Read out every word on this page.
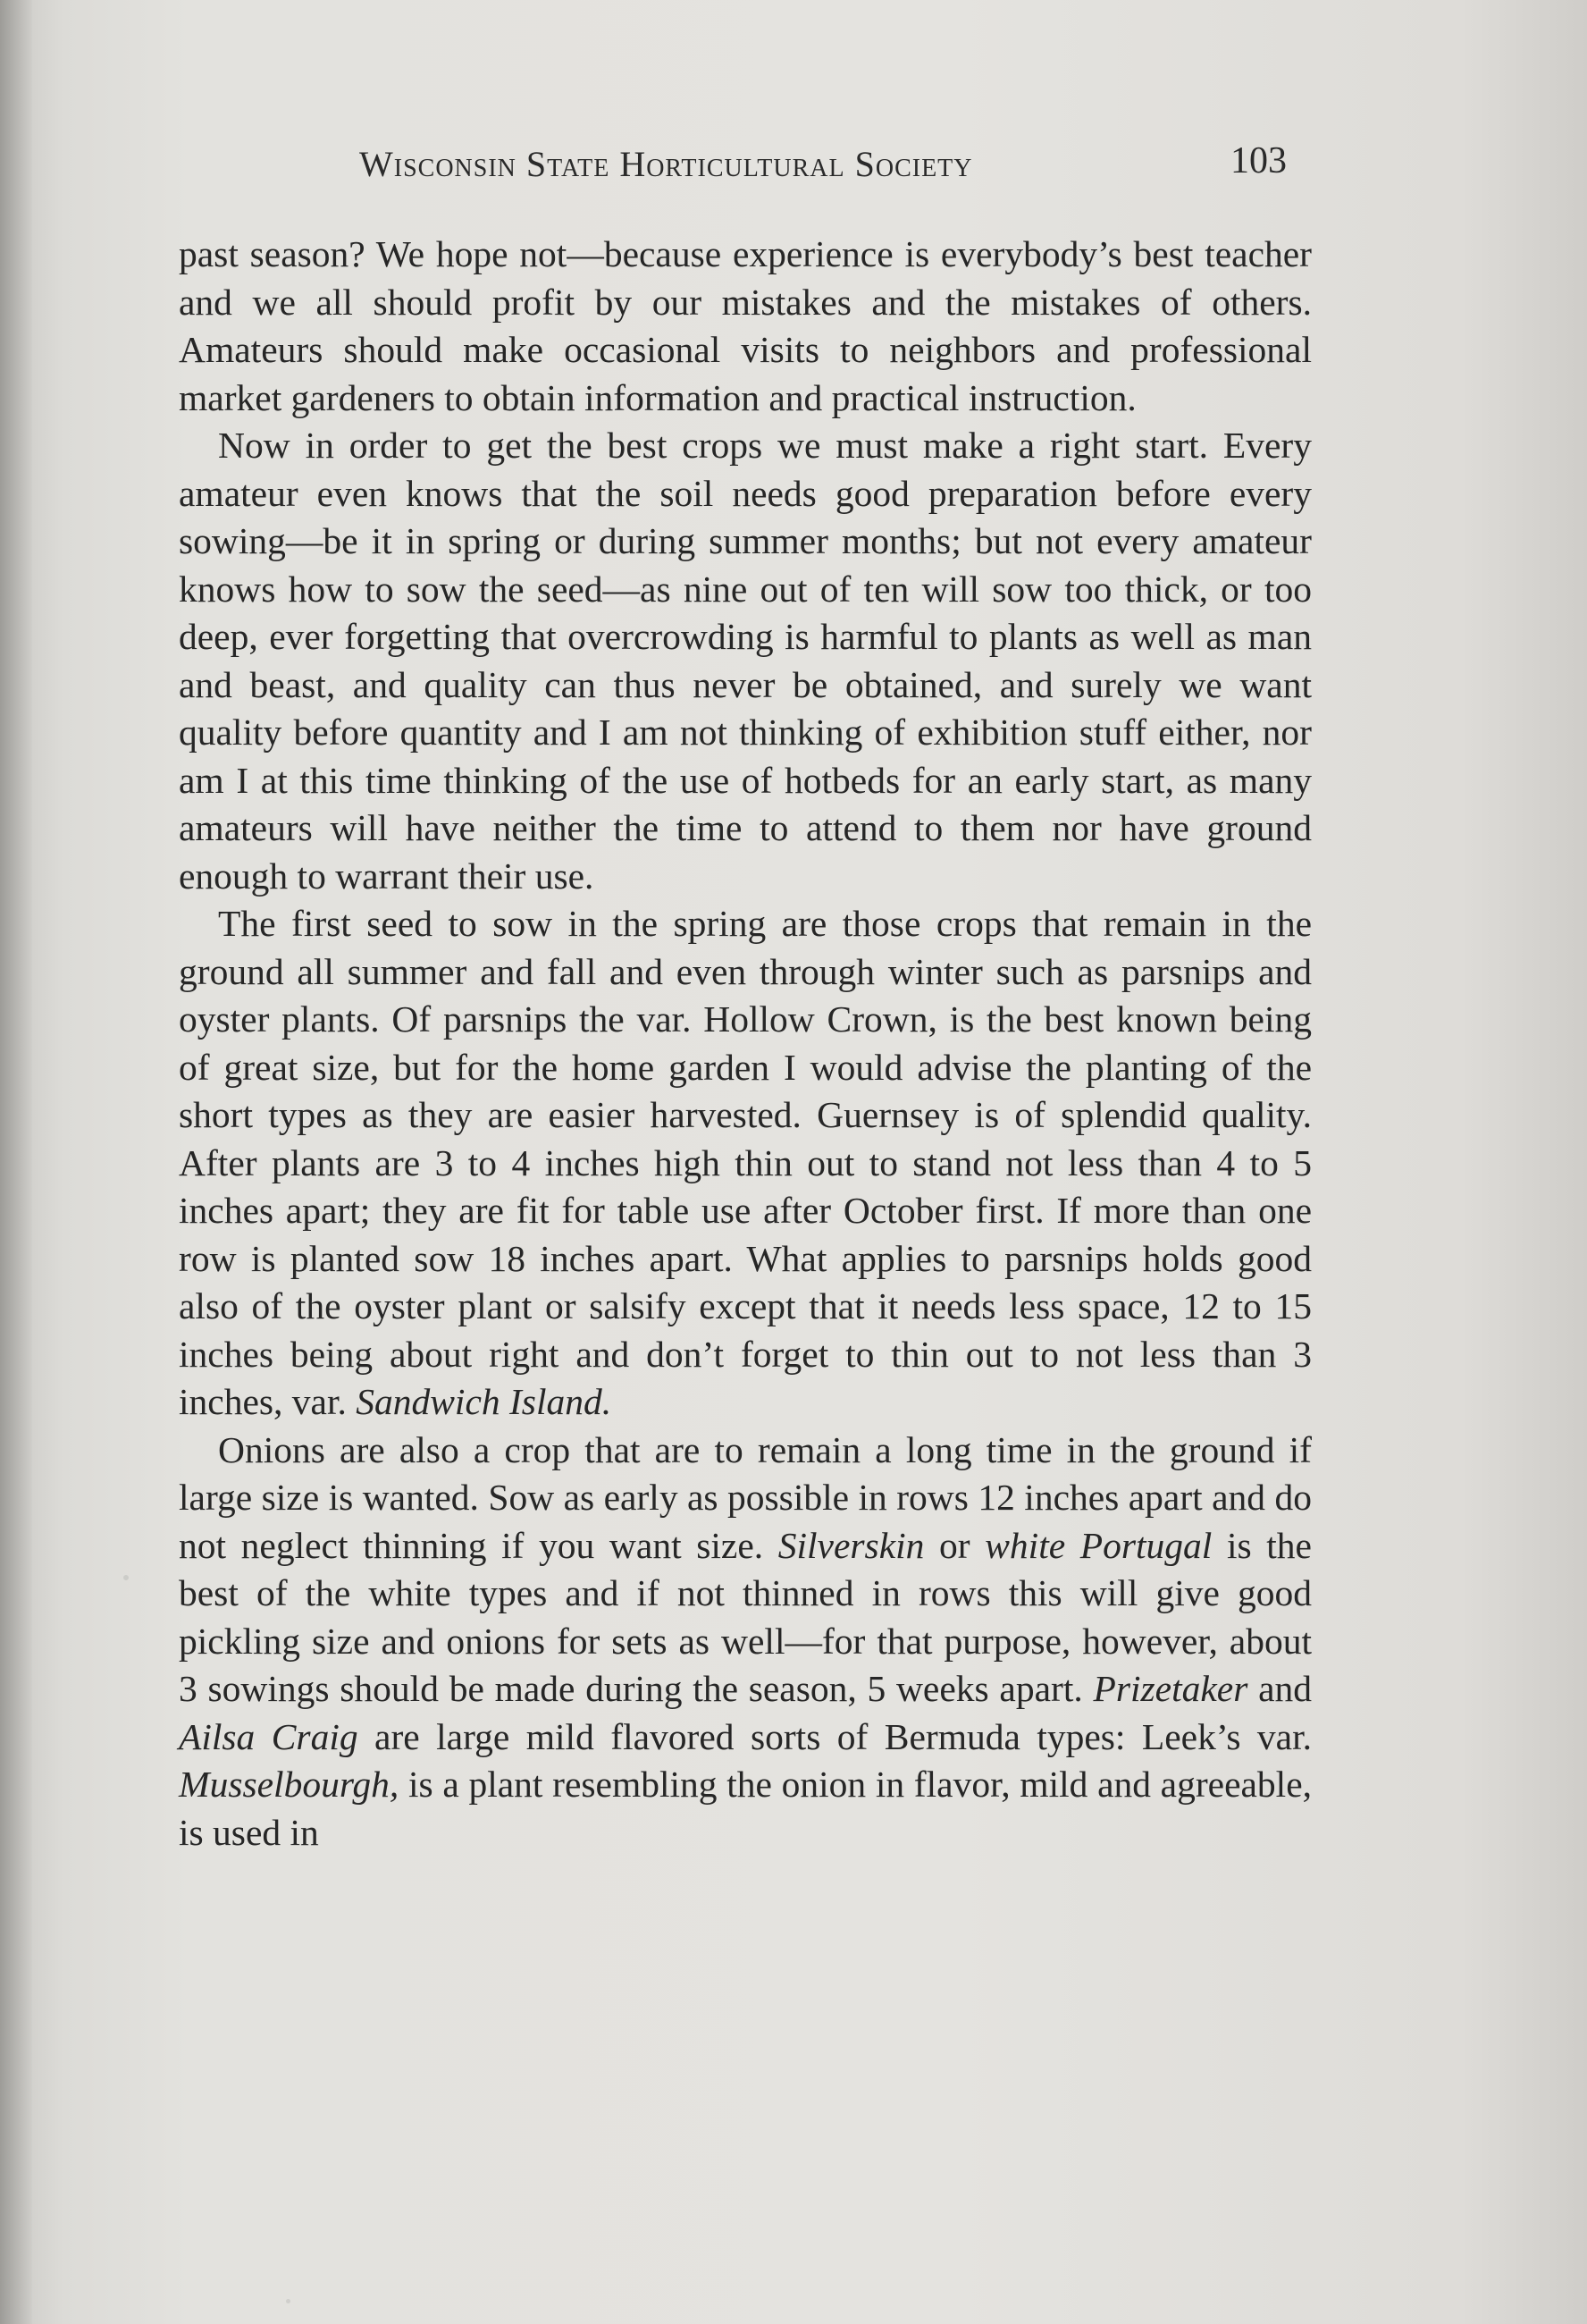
Wisconsin State Horticultural Society	103

past season? We hope not—because experience is everybody’s best teacher and we all should profit by our mistakes and the mistakes of others. Amateurs should make occasional visits to neighbors and professional market gardeners to obtain information and practical instruction.

Now in order to get the best crops we must make a right start. Every amateur even knows that the soil needs good preparation before every sowing—be it in spring or during summer months; but not every amateur knows how to sow the seed—as nine out of ten will sow too thick, or too deep, ever forgetting that overcrowding is harmful to plants as well as man and beast, and quality can thus never be obtained, and surely we want quality before quantity and I am not thinking of exhibition stuff either, nor am I at this time thinking of the use of hotbeds for an early start, as many amateurs will have neither the time to attend to them nor have ground enough to warrant their use.

The first seed to sow in the spring are those crops that remain in the ground all summer and fall and even through winter such as parsnips and oyster plants. Of parsnips the var. Hollow Crown, is the best known being of great size, but for the home garden I would advise the planting of the short types as they are easier harvested. Guernsey is of splendid quality. After plants are 3 to 4 inches high thin out to stand not less than 4 to 5 inches apart; they are fit for table use after October first. If more than one row is planted sow 18 inches apart. What applies to parsnips holds good also of the oyster plant or salsify except that it needs less space, 12 to 15 inches being about right and don’t forget to thin out to not less than 3 inches, var. Sandwich Island.

Onions are also a crop that are to remain a long time in the ground if large size is wanted. Sow as early as possible in rows 12 inches apart and do not neglect thinning if you want size. Silverskin or white Portugal is the best of the white types and if not thinned in rows this will give good pickling size and onions for sets as well—for that purpose, however, about 3 sowings should be made during the season, 5 weeks apart. Prizetaker and Ailsa Craig are large mild flavored sorts of Bermuda types: Leek’s var. Musselbourgh, is a plant resembling the onion in flavor, mild and agreeable, is used in
